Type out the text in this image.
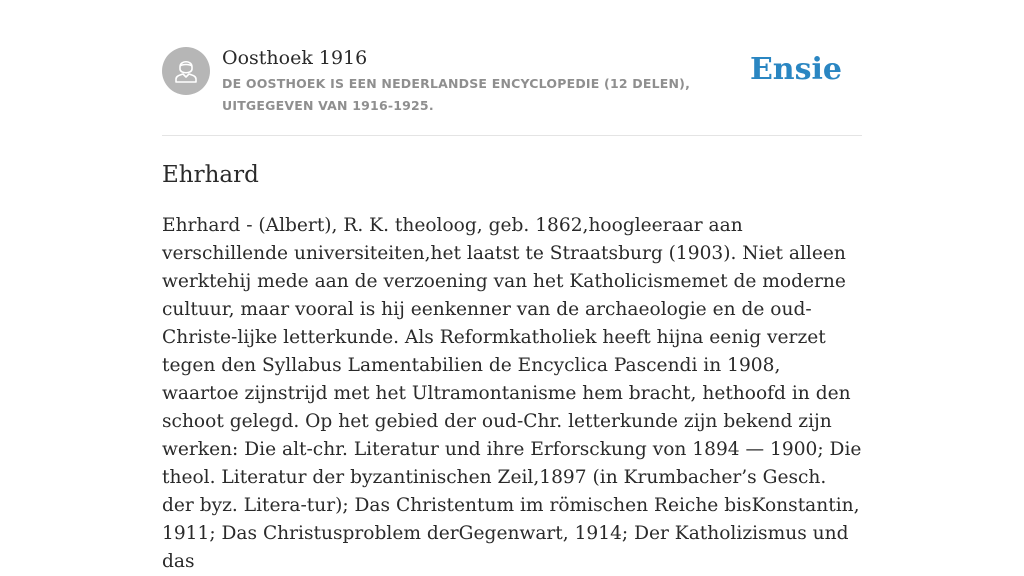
Oosthoek 1916
DE OOSTHOEK IS EEN NEDERLANDSE ENCYCLOPEDIE (12 DELEN), UITGEGEVEN VAN 1916-1925.
Ensie
Ehrhard

Ehrhard - (Albert), R. K. theoloog, geb. 1862,hoogleeraar aan verschillende universiteiten,het laatst te Straatsburg (1903). Niet alleen werktehij mede aan de verzoening van het Katholicismemet de moderne cultuur, maar vooral is hij eenkenner van de archaeologie en de oud-Christe-lijke letterkunde. Als Reformkatholiek heeft hijna eenig verzet tegen den Syllabus Lamentabilien de Encyclica Pascendi in 1908, waartoe zijnstrijd met het Ultramontanisme hem bracht, hethoofd in den schoot gelegd. Op het gebied der oud-Chr. letterkunde zijn bekend zijn werken: Die alt-chr. Literatur und ihre Erforsckung von 1894 — 1900; Die theol. Literatur der byzantinischen Zeil,1897 (in Krumbacher’s Gesch. der byz. Litera-tur); Das Christentum im römischen Reiche bisKonstantin, 1911; Das Christusproblem derGegenwart, 1914; Der Katholizismus und das
